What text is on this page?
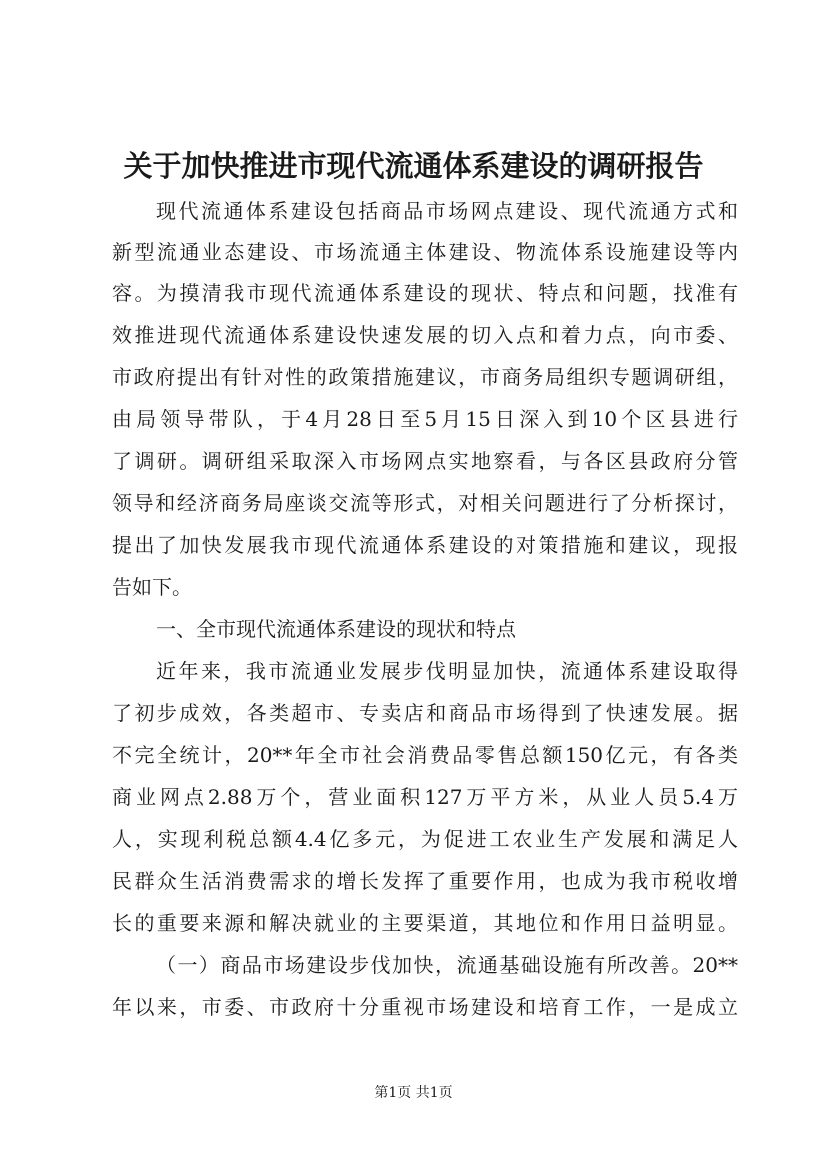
关于加快推进市现代流通体系建设的调研报告
现代流通体系建设包括商品市场网点建设、现代流通方式和
新型流通业态建设、市场流通主体建设、物流体系设施建设等内
容。为摸清我市现代流通体系建设的现状、特点和问题，找准有
效推进现代流通体系建设快速发展的切入点和着力点，向市委、
市政府提出有针对性的政策措施建议，市商务局组织专题调研组，
由局领导带队，于4月28日至5月15日深入到10个区县进行
了调研。调研组采取深入市场网点实地察看，与各区县政府分管
领导和经济商务局座谈交流等形式，对相关问题进行了分析探讨，
提出了加快发展我市现代流通体系建设的对策措施和建议，现报
告如下。
一、全市现代流通体系建设的现状和特点
近年来，我市流通业发展步伐明显加快，流通体系建设取得
了初步成效，各类超市、专卖店和商品市场得到了快速发展。据
不完全统计，20**年全市社会消费品零售总额150亿元，有各类
商业网点2.88万个，营业面积127万平方米，从业人员5.4万
人，实现利税总额4.4亿多元，为促进工农业生产发展和满足人
民群众生活消费需求的增长发挥了重要作用，也成为我市税收增
长的重要来源和解决就业的主要渠道，其地位和作用日益明显。
（一）商品市场建设步伐加快，流通基础设施有所改善。20**
年以来，市委、市政府十分重视市场建设和培育工作，一是成立
第1页 共1页
